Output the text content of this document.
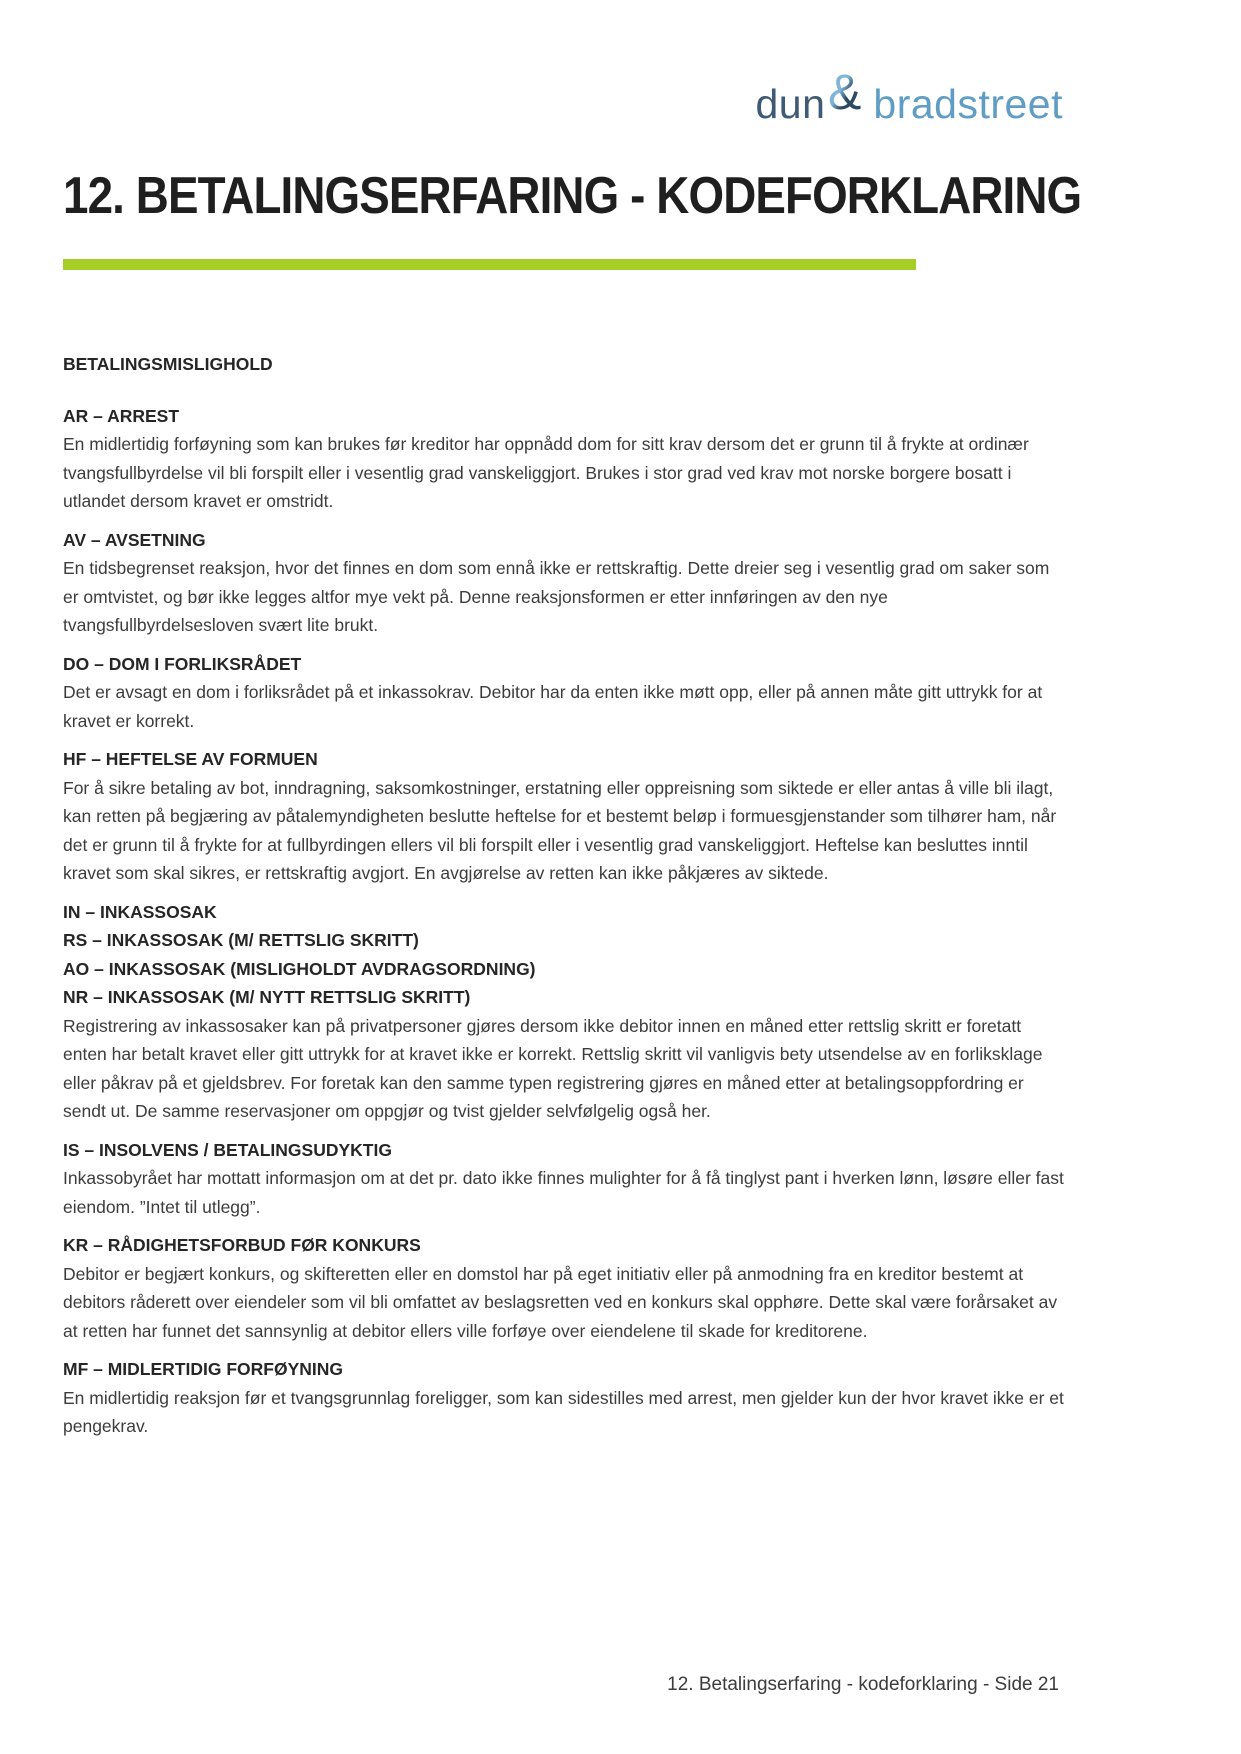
dun & bradstreet
12. BETALINGSERFARING - KODEFORKLARING

BETALINGSMISLIGHOLD

AR – ARREST

En midlertidig forføyning som kan brukes før kreditor har oppnådd dom for sitt krav dersom det er grunn til å frykte at ordinær tvangsfullbyrdelse vil bli forspilt eller i vesentlig grad vanskeliggjort. Brukes i stor grad ved krav mot norske borgere bosatt i utlandet dersom kravet er omstridt.

AV – AVSETNING

En tidsbegrenset reaksjon, hvor det finnes en dom som ennå ikke er rettskraftig. Dette dreier seg i vesentlig grad om saker som er omtvistet, og bør ikke legges altfor mye vekt på. Denne reaksjonsformen er etter innføringen av den nye tvangsfullbyrdelsesloven svært lite brukt.

DO – DOM I FORLIKSRÅDET

Det er avsagt en dom i forliksrådet på et inkassokrav. Debitor har da enten ikke møtt opp, eller på annen måte gitt uttrykk for at kravet er korrekt.

HF – HEFTELSE AV FORMUEN

For å sikre betaling av bot, inndragning, saksomkostninger, erstatning eller oppreisning som siktede er eller antas å ville bli ilagt, kan retten på begjæring av påtalemyndigheten beslutte heftelse for et bestemt beløp i formuesgjenstander som tilhører ham, når det er grunn til å frykte for at fullbyrdingen ellers vil bli forspilt eller i vesentlig grad vanskeliggjort. Heftelse kan besluttes inntil kravet som skal sikres, er rettskraftig avgjort. En avgjørelse av retten kan ikke påkjæres av siktede.

IN – INKASSOSAK
RS – INKASSOSAK (M/ RETTSLIG SKRITT)
AO – INKASSOSAK (MISLIGHOLDT AVDRAGSORDNING)
NR – INKASSOSAK (M/ NYTT RETTSLIG SKRITT)

Registrering av inkassosaker kan på privatpersoner gjøres dersom ikke debitor innen en måned etter rettslig skritt er foretatt enten har betalt kravet eller gitt uttrykk for at kravet ikke er korrekt. Rettslig skritt vil vanligvis bety utsendelse av en forliksklage eller påkrav på et gjeldsbrev. For foretak kan den samme typen registrering gjøres en måned etter at betalingsoppfordring er sendt ut. De samme reservasjoner om oppgjør og tvist gjelder selvfølgelig også her.

IS – INSOLVENS / BETALINGSUDYKTIG

Inkassobyrået har mottatt informasjon om at det pr. dato ikke finnes mulighter for å få tinglyst pant i hverken lønn, løsøre eller fast eiendom. ”Intet til utlegg”.

KR – RÅDIGHETSFORBUD FØR KONKURS

Debitor er begjært konkurs, og skifteretten eller en domstol har på eget initiativ eller på anmodning fra en kreditor bestemt at debitors råderett over eiendeler som vil bli omfattet av beslagsretten ved en konkurs skal opphøre. Dette skal være forårsaket av at retten har funnet det sannsynlig at debitor ellers ville forføye over eiendelene til skade for kreditorene.

MF – MIDLERTIDIG FORFØYNING

En midlertidig reaksjon før et tvangsgrunnlag foreligger, som kan sidestilles med arrest, men gjelder kun der hvor kravet ikke er et pengekrav.

12. Betalingserfaring - kodeforklaring - Side 21
